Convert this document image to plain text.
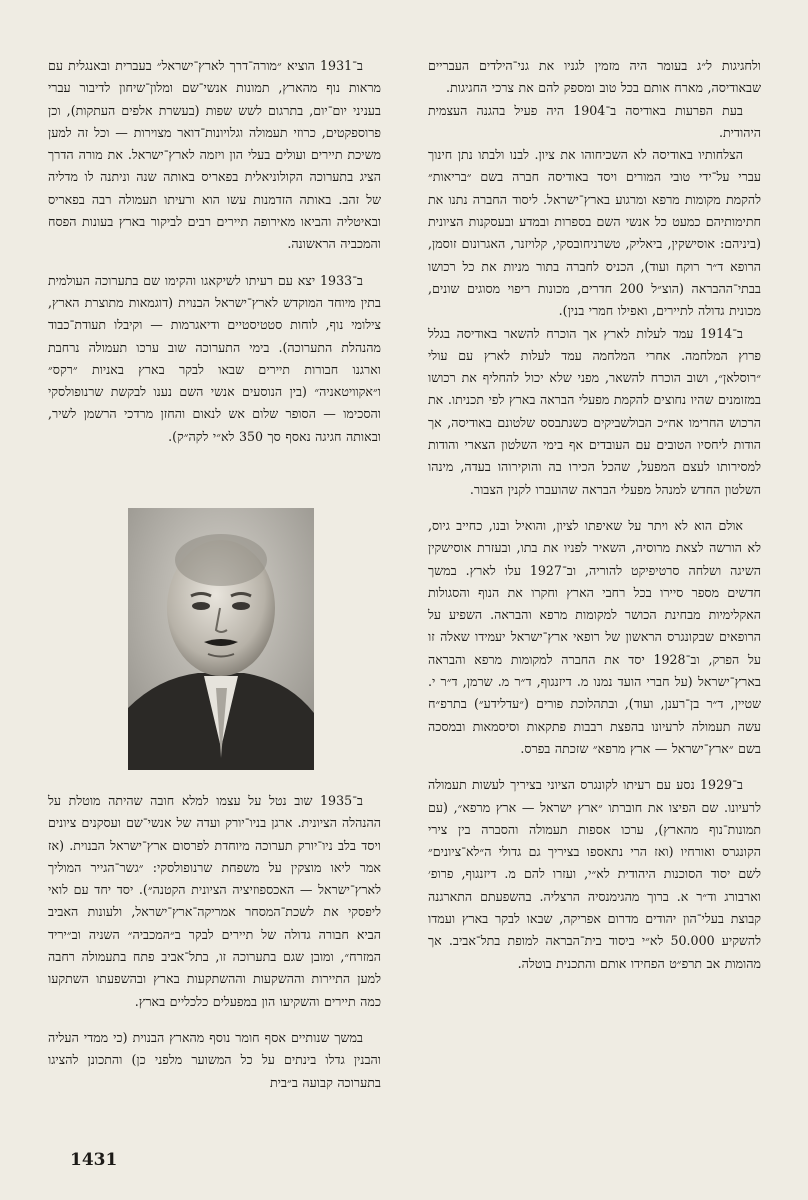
ולחגיגות ל״ג בעומר היה מזמין לגניו את גני־הילדים העבריים שבאודיסה, מארח אותם בכל טוב ומספק להם את צרכי החגיגות.

בעת הפרעות באודיסה ב־1904 היה פעיל בהגנה העצמית היהודית.

הצלחותיו באודיסה לא השכיחוהו את ציון. לבנו ולבתו נתן חינוך עברי על־ידי טובי המורים ויסד באודיסה חברה בשם ״בריאות״ להקמת מקומות מרפא ומרגוע בארץ־ישראל. ליסוד החברה נתנו את חתימותיהם כמעט כל אנשי השם בספרות ובמדע ובעסקנות הציונית (ביניהם: אוסישקין, ביאליק, טשרניחובסקי, קלויזנר, האגרונום זוסמן, הרופא ד״ר רוקח ועוד), הכניס לחברה בתור מניות את כל רכושו בבתי־ההבראה (הוצ״ל 200 חדרים, מכונות ריפוי מסוגים שונים, מכונית גדולה לתיירים, ואפילו חמרי בנין).

ב־1914 עמד לעלות לארץ אך הוכרח להשאר באודיסה בגלל פרוץ המלחמה. אחרי המלחמה עמד לעלות לארץ עם עולי ״רוסלאן״, ושוב הוכרח להשאר, מפני שלא יכול להחליף את רכושו במזומנים שהיו נחוצים להקמת מפעלי הבראה בארץ לפי תכניתו. את הרכוש החרימו אח״כ הבולשביקים כשנתבסס שלטונם באודיסה, אך הודות ליחסיו הטובים עם העובדים אף בימי השלטון הצארי והודות למסירותו לעצם המפעל, שהכל הכירו בה והוקירוהו בעדה, מינהו השלטון החדש למנהל מפעלי הבראה שהועברו לקנין הצבור.

אולם הוא לא ויתר על שאיפתו לציון, והואיל ובנו, כחייב גיוס, לא הורשה לצאת מרוסיה, השאיר לפניו את בתו, ובעזרת אוסישקין השיגה ושלחה סרטיפיקט להוריה, וב־1927 עלו לארץ. במשך חדשים מספר סיירו בכל רחבי הארץ וחקרו את הנוף והסגולות האקלימיות מבחינת הכושר למקומות מרפא והבראה. השפיע על הרופאים שבקונגרס הראשון של רופאי ארץ־ישראל יעמידו שאלה זו על הפרק, וב־1928 יסד את החברה למקומות מרפא והבראה בארץ־ישראל (על חברי הועד נמנו מ. דיזנגוף, ד״ר מ. שרמן, ד״ר י. שטיין, ד״ר בן־רענן, ועוד), ובתהלוכת פורים (״עדלידע״) בתרפ״ח עשה תעמולה לרעיונו בהפצת רבבות פתקאות וסיסמאות ובמסכה בשם ״ארץ־ישראל — ארץ מרפא״ שזכתה בפרס.

ב־1929 נסע עם רעיתו לקונגרס הציוני בציריך לעשות תעמולה לרעיונו. שם הפיצו את חוברתו ״ארץ ישראל — ארץ מרפא״, (עם תמונות־נוף מהארץ), ערכו אספות תעמולה והסברה בין צירי הקונגרס ואורחיו (ואז הרי נתאספו בציריך גם גדולי ה״לא־ציונים״ לשם יסוד הסוכנות היהודית לא״י, ועזרו להם מ. דיזנגוף, פרופ׳ וארבורג וד״ר א. ברוך מהגימנסיה הרצליה. בהשפעתם התארגנה קבוצת בעלי־הון יהודים מדרום אפריקה, שבאו לבקר בארץ ועמדו להשקיע 50.000 לא״י ביסוד בית־הבראה למופת בתל־אביב. אך מהומות אב תרפ״ט הפחידו אותם והתכנית בוטלה.

ב־1931 הוציא ״מורה־דרך לארץ־ישראל״ בעברית ובאנגלית עם מראות נוף מהארץ, תמונות אנשי־שם ומלון־שיחון לדיבור עברי בעניני יום־יום, בתרגום לשש שפות (בעשרת אלפים העתקות), וכן פרוספקטים, כרוזי תעמולה וגלויונות־דואר מצוירות — וכל זה למען משיכת תיירים ועולים בעלי הון ויזמה לארץ־ישראל. את מורה הדרך הציג בתערוכה הקולוניאלית בפאריס באותה שנה וניתנה לו מדליה של זהב. באותה הזדמנות עשו הוא ורעיתו תעמולה רבה בפאריס ובאיטליה והביאו מאירופה תיירים רבים לביקור בארץ בעונות הפסח והמכביה הראשונה.

ב־1933 יצא עם רעיתו לשיקאגו והקימו שם בתערוכה העולמית בתין מיוחד המוקדש לארץ־ישראל הבנוית (דוגמאות מתוצרת הארץ, צילומי נוף, לוחות סטטיסטיים ודיאגרמות — וקיבלו תעודת־כבוד מהנהלת התערוכה). בימי התערוכה שוב ערכו תעמולה נרחבת וארגנו חבורות תיירים שבאו לבקר בארץ באניות ״רקס״ ו״אקוויטאניה״ (בין הנוסעים אנשי השם נענו לבקשת שרנופולסקי והסכימו — הסופר שלום אש לנאום והחזן מרדכי הרשמן לשיר, ובאותה חגיגה נאסף סך 350 לא״י לקה״ק).

ב־1935 שוב נטל על עצמו למלא חובה שהיתה מוטלת על ההנהלה הציונית. ארגן בניו־יורק ועדה של אנשי־שם ועסקנים ציונים ויסד בלב ניו־יורק תערוכה מיוחדת לפרסום ארץ־ישראל הבנוית. (אז אמר ליאו מוצקין על משפחת שרנופולסקי: ״גשר־הגייר המוליך לארץ־ישראל — האכספוזיציה הציונית הקטנה״). יסד יחד עם לואי ליפסקי את לשכת־המסחר אמריקה־ארץ־ישראל, ולעונות האביב הביא חבורה גדולה של תיירים לבקר ב״המכביה״ השניה וב״יריד המזרח״, ומובן שגם בתערוכה זו, בתל־אביב פתח בתעמולה רחבה למען התיירות וההשקעות וההשתקעות בארץ ובהשפעתו השתקעו כמה תיירים והשקיעו הון במפעלים כלכליים בארץ.

במשך שנותיים אסף חומר נוסף מהארץ הבנוית (כי ממדי העליה והבנין גדלו בינתים על כל המשוער מלפני כן) והתכונן להציגו בתערוכה קבועה ב״בית

1431
